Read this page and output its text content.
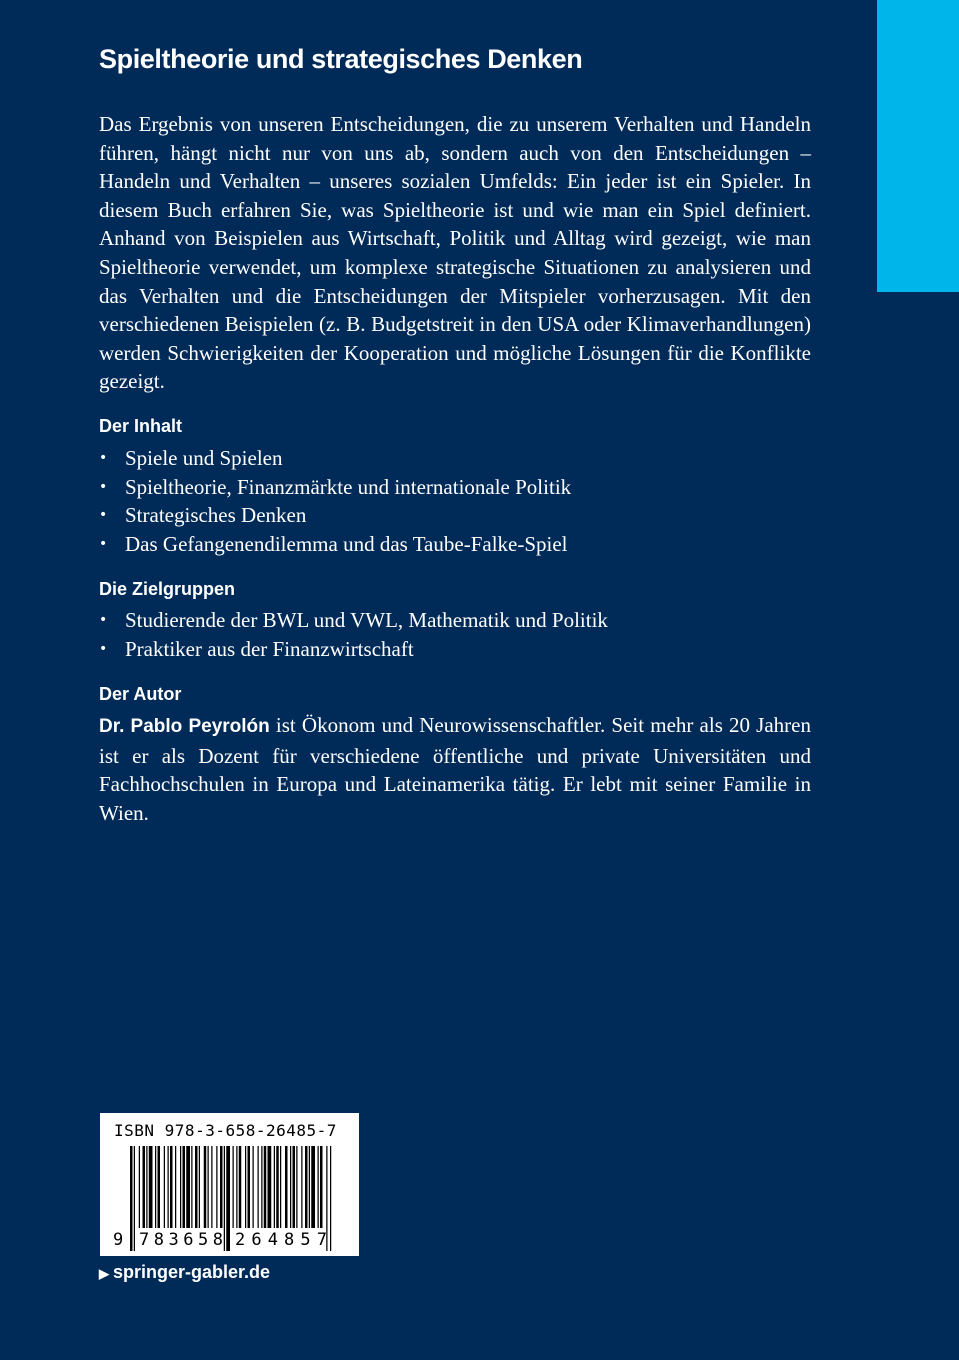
Spieltheorie und strategisches Denken

Das Ergebnis von unseren Entscheidungen, die zu unserem Verhalten und Handeln führen, hängt nicht nur von uns ab, sondern auch von den Entscheidungen – Handeln und Verhalten – unseres sozialen Umfelds: Ein jeder ist ein Spieler. In diesem Buch erfahren Sie, was Spieltheorie ist und wie man ein Spiel definiert. Anhand von Beispielen aus Wirtschaft, Politik und Alltag wird gezeigt, wie man Spieltheorie verwendet, um komplexe strategische Situationen zu analysieren und das Verhalten und die Entscheidungen der Mitspieler vorherzusagen. Mit den verschiedenen Beispielen (z. B. Budgetstreit in den USA oder Klimaverhandlungen) werden Schwierigkeiten der Kooperation und mögliche Lösungen für die Konflikte gezeigt.

Der Inhalt
• Spiele und Spielen
• Spieltheorie, Finanzmärkte und internationale Politik
• Strategisches Denken
• Das Gefangenendilemma und das Taube-Falke-Spiel
Die Zielgruppen
• Studierende der BWL und VWL, Mathematik und Politik
• Praktiker aus der Finanzwirtschaft
Der Autor

Dr. Pablo Peyrolón ist Ökonom und Neurowissenschaftler. Seit mehr als 20 Jahren ist er als Dozent für verschiedene öffentliche und private Universitäten und Fachhochschulen in Europa und Lateinamerika tätig. Er lebt mit seiner Familie in Wien.

ISBN 978-3-658-26485-7
9 783658 264857
▶ springer-gabler.de
